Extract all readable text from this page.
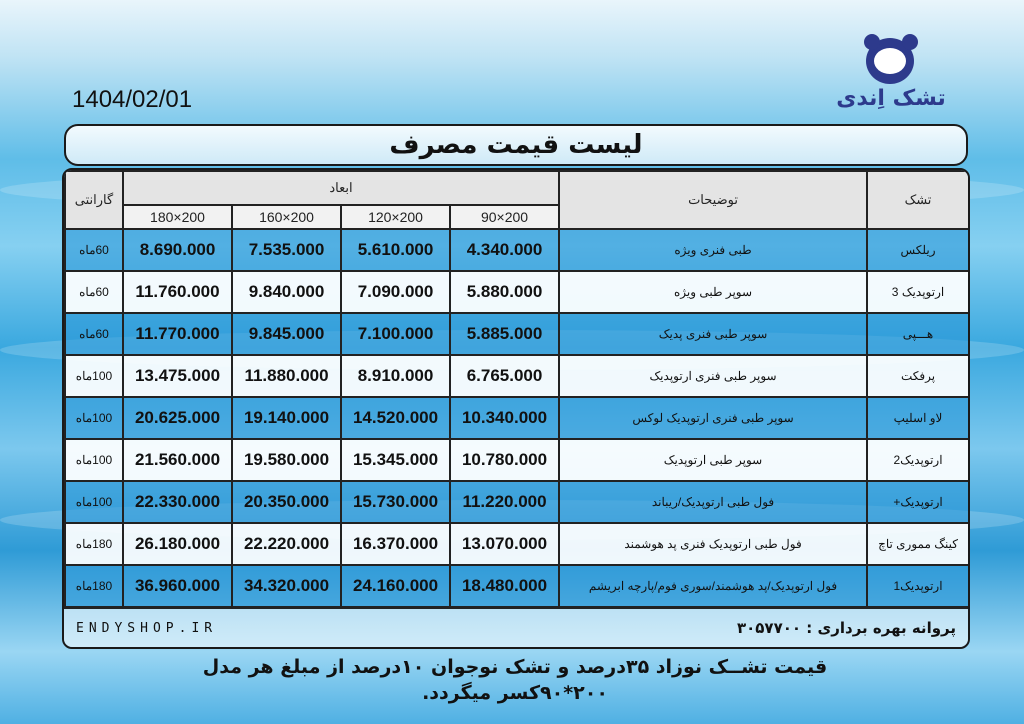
1404/02/01	تشک اِندی
لیست قیمت مصرف
تشک	توضیحات	ابعاد				گارانتی
		200×90	200×120	200×160	200×180	
ریلکس	طبی فنری ویژه	4.340.000	5.610.000	7.535.000	8.690.000	60ماه
ارتوپدیک 3	سوپر طبی ویژه	5.880.000	7.090.000	9.840.000	11.760.000	60ماه
هـــپی	سوپر طبی فنری پدیک	5.885.000	7.100.000	9.845.000	11.770.000	60ماه
پرفکت	سوپر طبی فنری ارتوپدیک	6.765.000	8.910.000	11.880.000	13.475.000	100ماه
لاو اسلیپ	سوپر طبی فنری ارتوپدیک لوکس	10.340.000	14.520.000	19.140.000	20.625.000	100ماه
ارتوپدیک2	سوپر طبی ارتوپدیک	10.780.000	15.345.000	19.580.000	21.560.000	100ماه
ارتوپدیک+	فول طبی ارتوپدیک/ریباند	11.220.000	15.730.000	20.350.000	22.330.000	100ماه
کینگ مموری تاچ	فول طبی ارتوپدیک فنری پد هوشمند	13.070.000	16.370.000	22.220.000	26.180.000	180ماه
ارتوپدیک1	فول ارتوپدیک/پد هوشمند/سوری فوم/پارچه ابریشم	18.480.000	24.160.000	34.320.000	36.960.000	180ماه
ENDYSHOP.IR	پروانه بهره برداری : ۳۰۵۷۷۰۰
قیمت تشــک نوزاد ۳۵درصد و تشک نوجوان ۱۰درصد از مبلغ هر مدل ۲۰۰*۹۰کسر میگردد.
